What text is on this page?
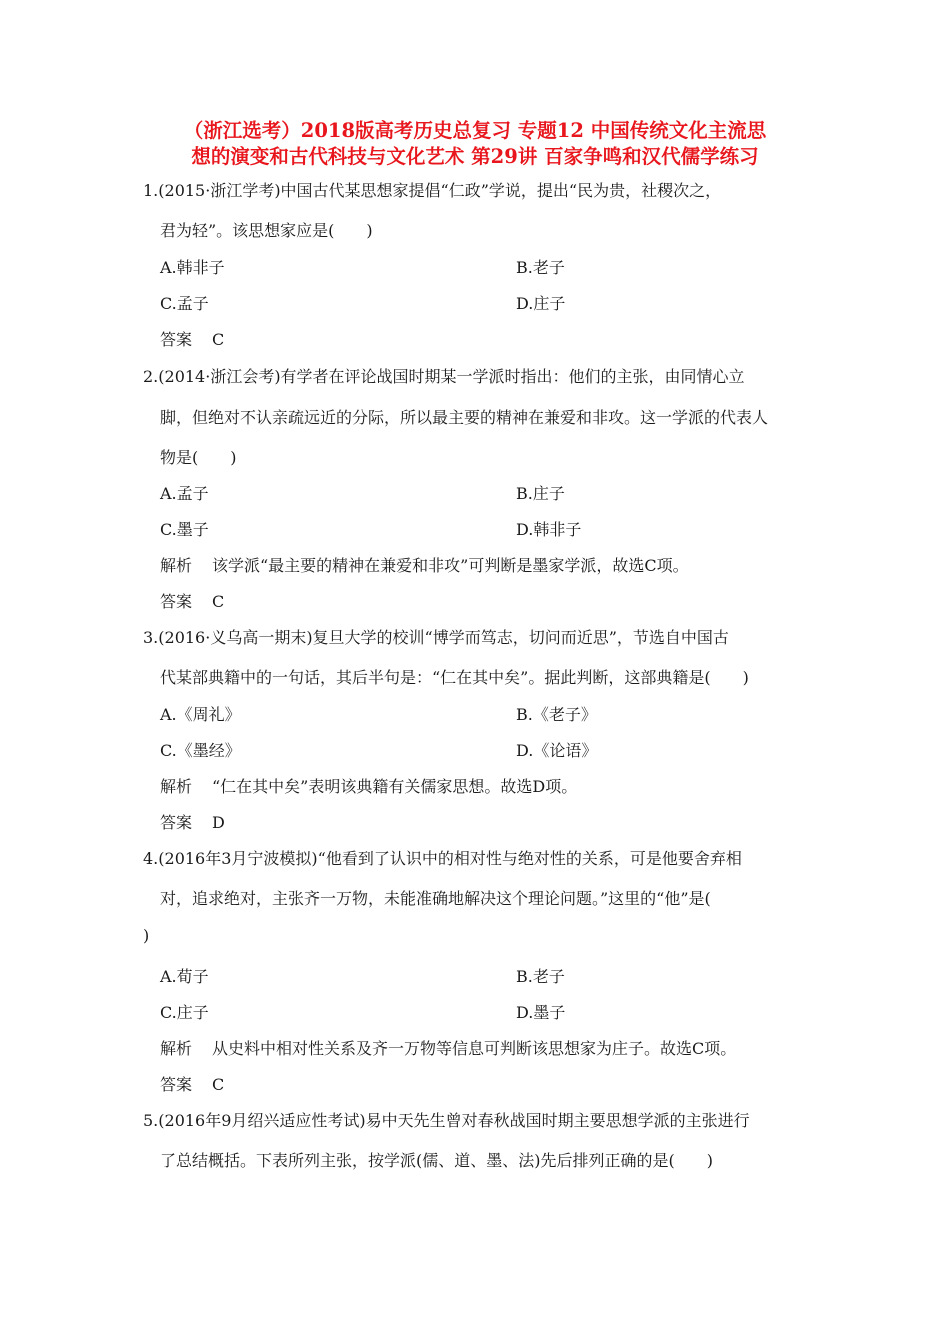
（浙江选考）2018版高考历史总复习 专题12 中国传统文化主流思
想的演变和古代科技与文化艺术 第29讲 百家争鸣和汉代儒学练习
1.(2015·浙江学考)中国古代某思想家提倡“仁政”学说，提出“民为贵，社稷次之，
君为轻”。该思想家应是(　　)
A.韩非子	B.老子
C.孟子	D.庄子
答案 C
2.(2014·浙江会考)有学者在评论战国时期某一学派时指出：他们的主张，由同情心立
脚，但绝对不认亲疏远近的分际，所以最主要的精神在兼爱和非攻。这一学派的代表人
物是(　　)
A.孟子	B.庄子
C.墨子	D.韩非子
解析 该学派“最主要的精神在兼爱和非攻”可判断是墨家学派，故选C项。
答案 C
3.(2016·义乌高一期末)复旦大学的校训“博学而笃志，切问而近思”，节选自中国古
代某部典籍中的一句话，其后半句是：“仁在其中矣”。据此判断，这部典籍是(　　)
A.《周礼》	B.《老子》
C.《墨经》	D.《论语》
解析 “仁在其中矣”表明该典籍有关儒家思想。故选D项。
答案 D
4.(2016年3月宁波模拟)“他看到了认识中的相对性与绝对性的关系，可是他要舍弃相
对，追求绝对，主张齐一万物，未能准确地解决这个理论问题。”这里的“他”是(
)
A.荀子	B.老子
C.庄子	D.墨子
解析 从史料中相对性关系及齐一万物等信息可判断该思想家为庄子。故选C项。
答案 C
5.(2016年9月绍兴适应性考试)易中天先生曾对春秋战国时期主要思想学派的主张进行
了总结概括。下表所列主张，按学派(儒、道、墨、法)先后排列正确的是(　　)
